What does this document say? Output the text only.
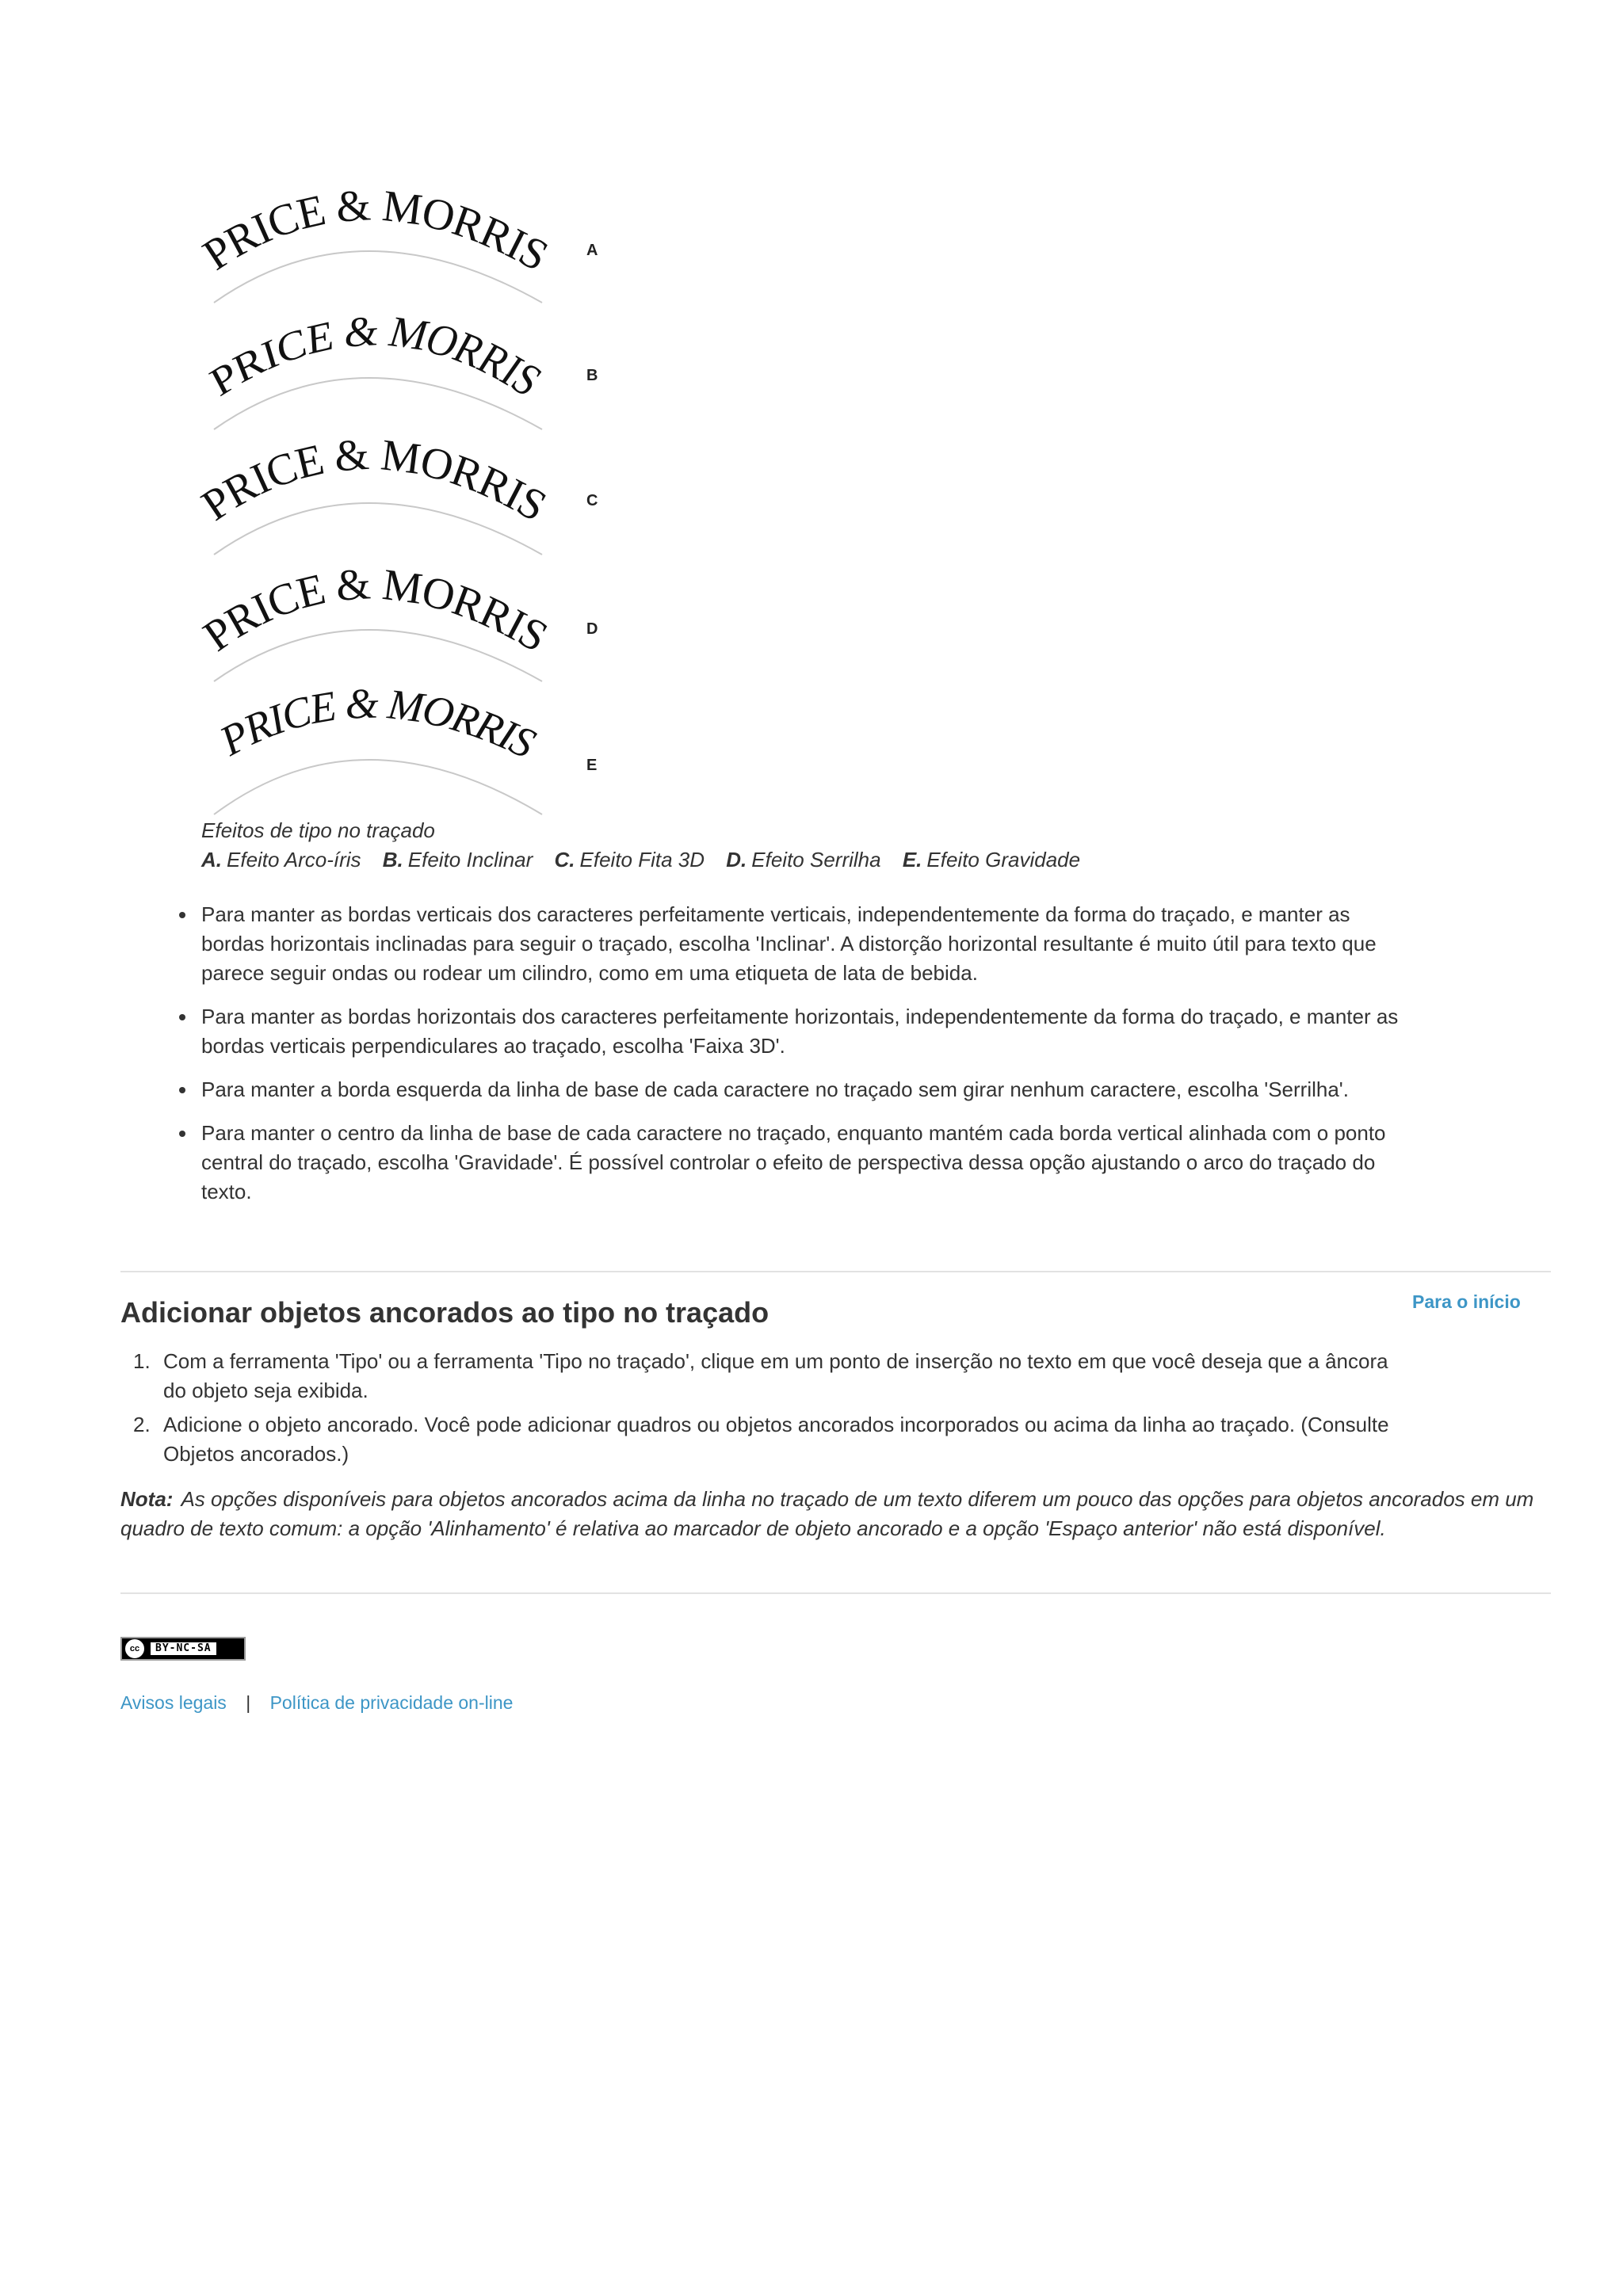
PRICE & MORRIS A
PRICE & MORRIS	B
PRICE & MORRIS C
PRICE & MORRIS D
PRICE & MORRIS	E
Efeitos de tipo no traçado
A. Efeito Arco-íris B. Efeito Inclinar C. Efeito Fita 3D D. Efeito Serrilha E. Efeito Gravidade
Para manter as bordas verticais dos caracteres perfeitamente verticais, independentemente da forma do traçado, e manter as bordas horizontais inclinadas para seguir o traçado, escolha 'Inclinar'. A distorção horizontal resultante é muito útil para texto que parece seguir ondas ou rodear um cilindro, como em uma etiqueta de lata de bebida.
Para manter as bordas horizontais dos caracteres perfeitamente horizontais, independentemente da forma do traçado, e manter as bordas verticais perpendiculares ao traçado, escolha 'Faixa 3D'.
Para manter a borda esquerda da linha de base de cada caractere no traçado sem girar nenhum caractere, escolha 'Serrilha'.
Para manter o centro da linha de base de cada caractere no traçado, enquanto mantém cada borda vertical alinhada com o ponto central do traçado, escolha 'Gravidade'. É possível controlar o efeito de perspectiva dessa opção ajustando o arco do traçado do texto.
Adicionar objetos ancorados ao tipo no traçado	Para o início
1. Com a ferramenta 'Tipo' ou a ferramenta 'Tipo no traçado', clique em um ponto de inserção no texto em que você deseja que a âncora do objeto seja exibida.
2. Adicione o objeto ancorado. Você pode adicionar quadros ou objetos ancorados incorporados ou acima da linha ao traçado. (Consulte Objetos ancorados.)
Nota: As opções disponíveis para objetos ancorados acima da linha no traçado de um texto diferem um pouco das opções para objetos ancorados em um quadro de texto comum: a opção 'Alinhamento' é relativa ao marcador de objeto ancorado e a opção 'Espaço anterior' não está disponível.
cc	BY-NC-SA
Avisos legais | Política de privacidade on-line
